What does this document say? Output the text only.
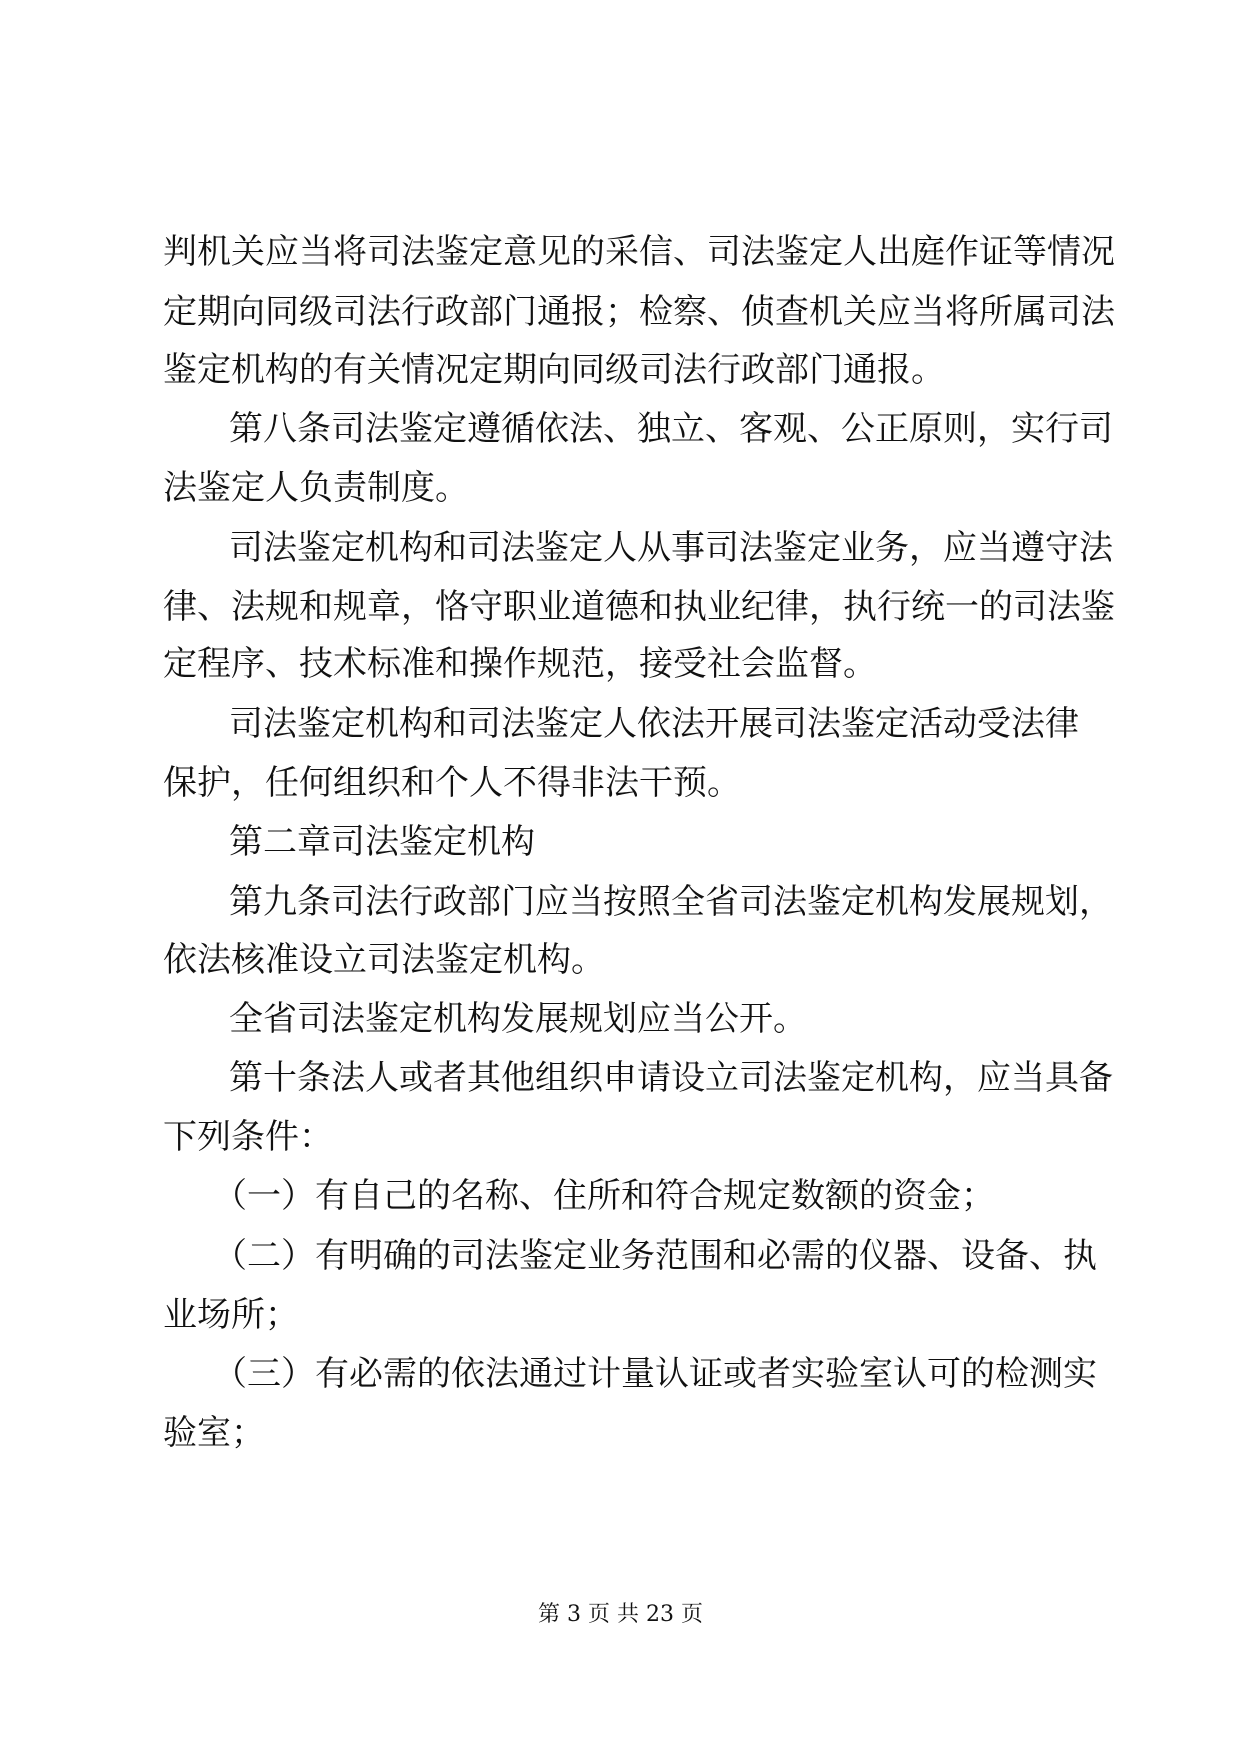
判机关应当将司法鉴定意见的采信、司法鉴定人出庭作证等情况
定期向同级司法行政部门通报；检察、侦查机关应当将所属司法
鉴定机构的有关情况定期向同级司法行政部门通报。
第八条司法鉴定遵循依法、独立、客观、公正原则，实行司
法鉴定人负责制度。
司法鉴定机构和司法鉴定人从事司法鉴定业务，应当遵守法
律、法规和规章，恪守职业道德和执业纪律，执行统一的司法鉴
定程序、技术标准和操作规范，接受社会监督。
司法鉴定机构和司法鉴定人依法开展司法鉴定活动受法律
保护，任何组织和个人不得非法干预。
第二章司法鉴定机构
第九条司法行政部门应当按照全省司法鉴定机构发展规划，
依法核准设立司法鉴定机构。
全省司法鉴定机构发展规划应当公开。
第十条法人或者其他组织申请设立司法鉴定机构，应当具备
下列条件：
（一）有自己的名称、住所和符合规定数额的资金；
（二）有明确的司法鉴定业务范围和必需的仪器、设备、执
业场所；
（三）有必需的依法通过计量认证或者实验室认可的检测实
验室；
第 3 页 共 23 页
